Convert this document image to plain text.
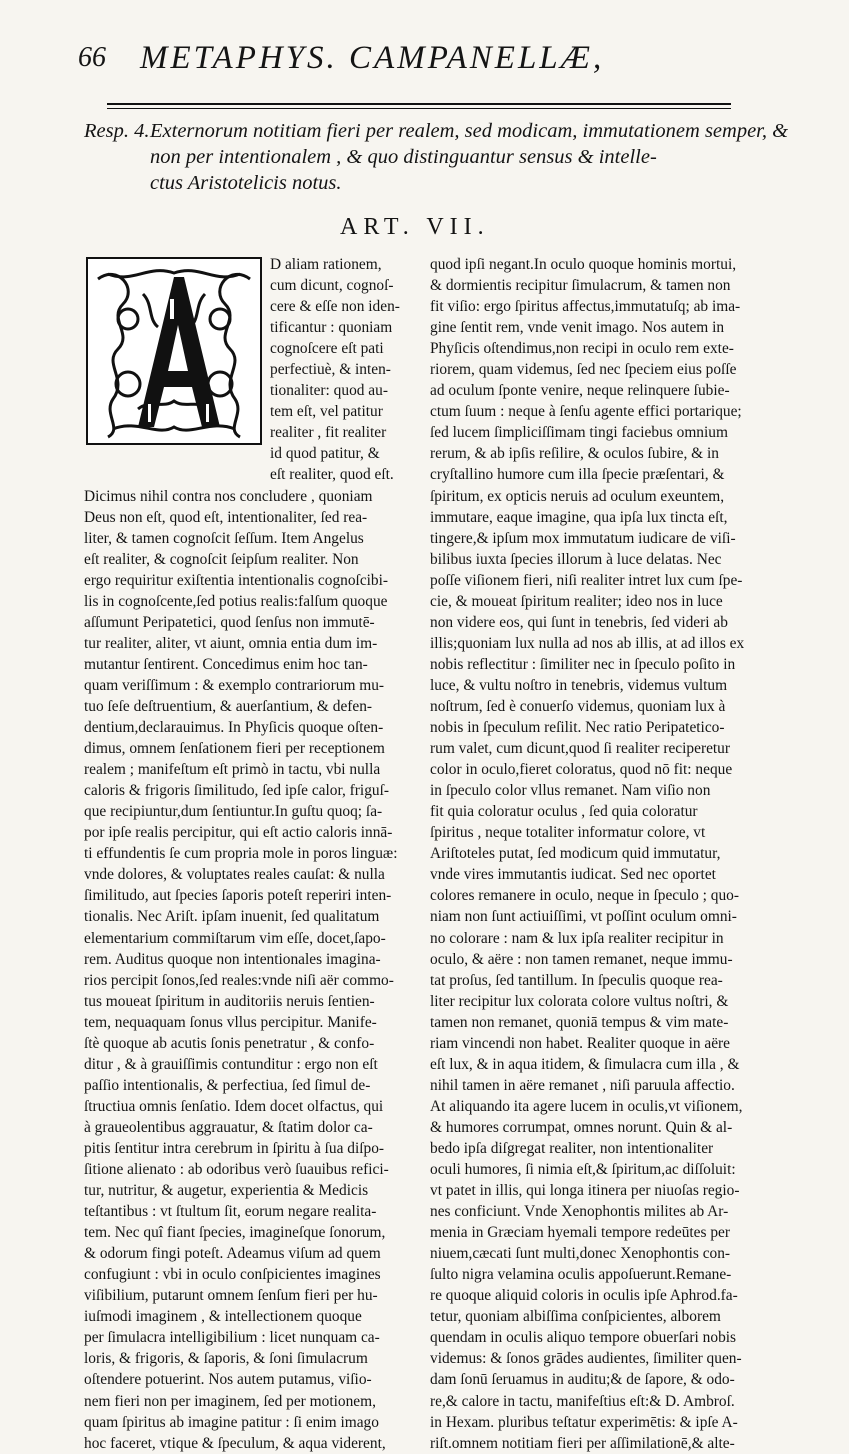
66 METAPHYS. CAMPANELLÆ,
Resp. 4. Externorum notitiam fieri per realem, sed modicam, immutationem semper, &
non per intentionalem , & quo distinguantur sensus & intelle-
ctus Aristotelicis notus.
ART. VII.
D aliam rationem,
cum dicunt, cognoſ-
cere & eſſe non iden-
tificantur : quoniam
cognoſcere eſt pati
perfectiuè, & inten-
tionaliter: quod au-
tem eſt, vel patitur
realiter , fit realiter
id quod patitur, &
eſt realiter, quod eſt.
Dicimus nihil contra nos concludere , quoniam
Deus non eſt, quod eſt, intentionaliter, ſed rea-
liter, & tamen cognoſcit ſeſſum. Item Angelus
eſt realiter, & cognoſcit ſeipſum realiter. Non
ergo requiritur exiſtentia intentionalis cognoſcibi-
lis in cognoſcente,ſed potius realis:falſum quoque
aſſumunt Peripatetici, quod ſenſus non immutē-
tur realiter, aliter, vt aiunt, omnia entia dum im-
mutantur ſentirent. Concedimus enim hoc tan-
quam veriſſimum : & exemplo contrariorum mu-
tuo ſeſe deſtruentium, & auerſantium, & defen-
dentium,declarauimus. In Phyſicis quoque oſten-
dimus, omnem ſenſationem fieri per receptionem
realem ; manifeſtum eſt primò in tactu, vbi nulla
caloris & frigoris ſimilitudo, ſed ipſe calor, friguſ-
que recipiuntur,dum ſentiuntur.In guſtu quoq; ſa-
por ipſe realis percipitur, qui eſt actio caloris innā-
ti effundentis ſe cum propria mole in poros linguæ:
vnde dolores, & voluptates reales cauſat: & nulla
ſimilitudo, aut ſpecies ſaporis poteſt reperiri inten-
tionalis. Nec Ariſt. ipſam inuenit, ſed qualitatum
elementarium commiſtarum vim eſſe, docet,ſapo-
rem. Auditus quoque non intentionales imagina-
rios percipit ſonos,ſed reales:vnde niſi aër commo-
tus moueat ſpiritum in auditoriis neruis ſentien-
tem, nequaquam ſonus vllus percipitur. Manife-
ſtè quoque ab acutis ſonis penetratur , & confo-
ditur , & à grauiſſimis contunditur : ergo non eſt
paſſio intentionalis, & perfectiua, ſed ſimul de-
ſtructiua omnis ſenſatio. Idem docet olfactus, qui
à graueolentibus aggrauatur, & ſtatim dolor ca-
pitis ſentitur intra cerebrum in ſpiritu à ſua diſpo-
ſitione alienato : ab odoribus verò ſuauibus refici-
tur, nutritur, & augetur, experientia & Medicis
teſtantibus : vt ſtultum ſit, eorum negare realita-
tem. Nec quî fiant ſpecies, imagineſque ſonorum,
& odorum fingi poteſt. Adeamus viſum ad quem
confugiunt : vbi in oculo conſpicientes imagines
viſibilium, putarunt omnem ſenſum fieri per hu-
iuſmodi imaginem , & intellectionem quoque
per ſimulacra intelligibilium : licet nunquam ca-
loris, & frigoris, & ſaporis, & ſoni ſimulacrum
oſtendere potuerint. Nos autem putamus, viſio-
nem fieri non per imaginem, ſed per motionem,
quam ſpiritus ab imagine patitur : ſi enim imago
hoc faceret, vtique & ſpeculum, & aqua viderent,
quod ipſi negant.In oculo quoque hominis mortui,
& dormientis recipitur ſimulacrum, & tamen non
fit viſio: ergo ſpiritus affectus,immutatuſq; ab ima-
gine ſentit rem, vnde venit imago. Nos autem in
Phyſicis oſtendimus,non recipi in oculo rem exte-
riorem, quam videmus, ſed nec ſpeciem eius poſſe
ad oculum ſponte venire, neque relinquere ſubie-
ctum ſuum : neque à ſenſu agente effici portarique;
ſed lucem ſimpliciſſimam tingi faciebus omnium
rerum, & ab ipſis reſilire, & oculos ſubire, & in
cryſtallino humore cum illa ſpecie præſentari, &
ſpiritum, ex opticis neruis ad oculum exeuntem,
immutare, eaque imagine, qua ipſa lux tincta eſt,
tingere,& ipſum mox immutatum iudicare de viſi-
bilibus iuxta ſpecies illorum à luce delatas. Nec
poſſe viſionem fieri, niſi realiter intret lux cum ſpe-
cie, & moueat ſpiritum realiter; ideo nos in luce
non videre eos, qui ſunt in tenebris, ſed videri ab
illis;quoniam lux nulla ad nos ab illis, at ad illos ex
nobis reflectitur : ſimiliter nec in ſpeculo poſito in
luce, & vultu noſtro in tenebris, videmus vultum
noſtrum, ſed è conuerſo videmus, quoniam lux à
nobis in ſpeculum reſilit. Nec ratio Peripatetico-
rum valet, cum dicunt,quod ſi realiter reciperetur
color in oculo,fieret coloratus, quod nō fit: neque
in ſpeculo color vllus remanet. Nam viſio non
fit quia coloratur oculus , ſed quia coloratur
ſpiritus , neque totaliter informatur colore, vt
Ariſtoteles putat, ſed modicum quid immutatur,
vnde vires immutantis iudicat. Sed nec oportet
colores remanere in oculo, neque in ſpeculo ; quo-
niam non ſunt actiuiſſimi, vt poſſint oculum omni-
no colorare : nam & lux ipſa realiter recipitur in
oculo, & aëre : non tamen remanet, neque immu-
tat proſus, ſed tantillum. In ſpeculis quoque rea-
liter recipitur lux colorata colore vultus noſtri, &
tamen non remanet, quoniā tempus & vim mate-
riam vincendi non habet. Realiter quoque in aëre
eſt lux, & in aqua itidem, & ſimulacra cum illa , &
nihil tamen in aëre remanet , niſi paruula affectio.
At aliquando ita agere lucem in oculis,vt viſionem,
& humores corrumpat, omnes norunt. Quin & al-
bedo ipſa diſgregat realiter, non intentionaliter
oculi humores, ſi nimia eſt,& ſpiritum,ac diſſoluit:
vt patet in illis, qui longa itinera per niuoſas regio-
nes conficiunt. Vnde Xenophontis milites ab Ar-
menia in Græciam hyemali tempore redeūtes per
niuem,cæcati ſunt multi,donec Xenophontis con-
ſulto nigra velamina oculis appoſuerunt.Remane-
re quoque aliquid coloris in oculis ipſe Aphrod.fa-
tetur, quoniam albiſſima conſpicientes, alborem
quendam in oculis aliquo tempore obuerſari nobis
videmus: & ſonos grādes audientes, ſimiliter quen-
dam ſonū ſeruamus in auditu;& de ſapore, & odo-
re,& calore in tactu, manifeſtius eſt:& D. Ambroſ.
in Hexam. pluribus teſtatur experimētis: & ipſe A-
riſt.omnem notitiam fieri per aſſimilationē,& alte-
